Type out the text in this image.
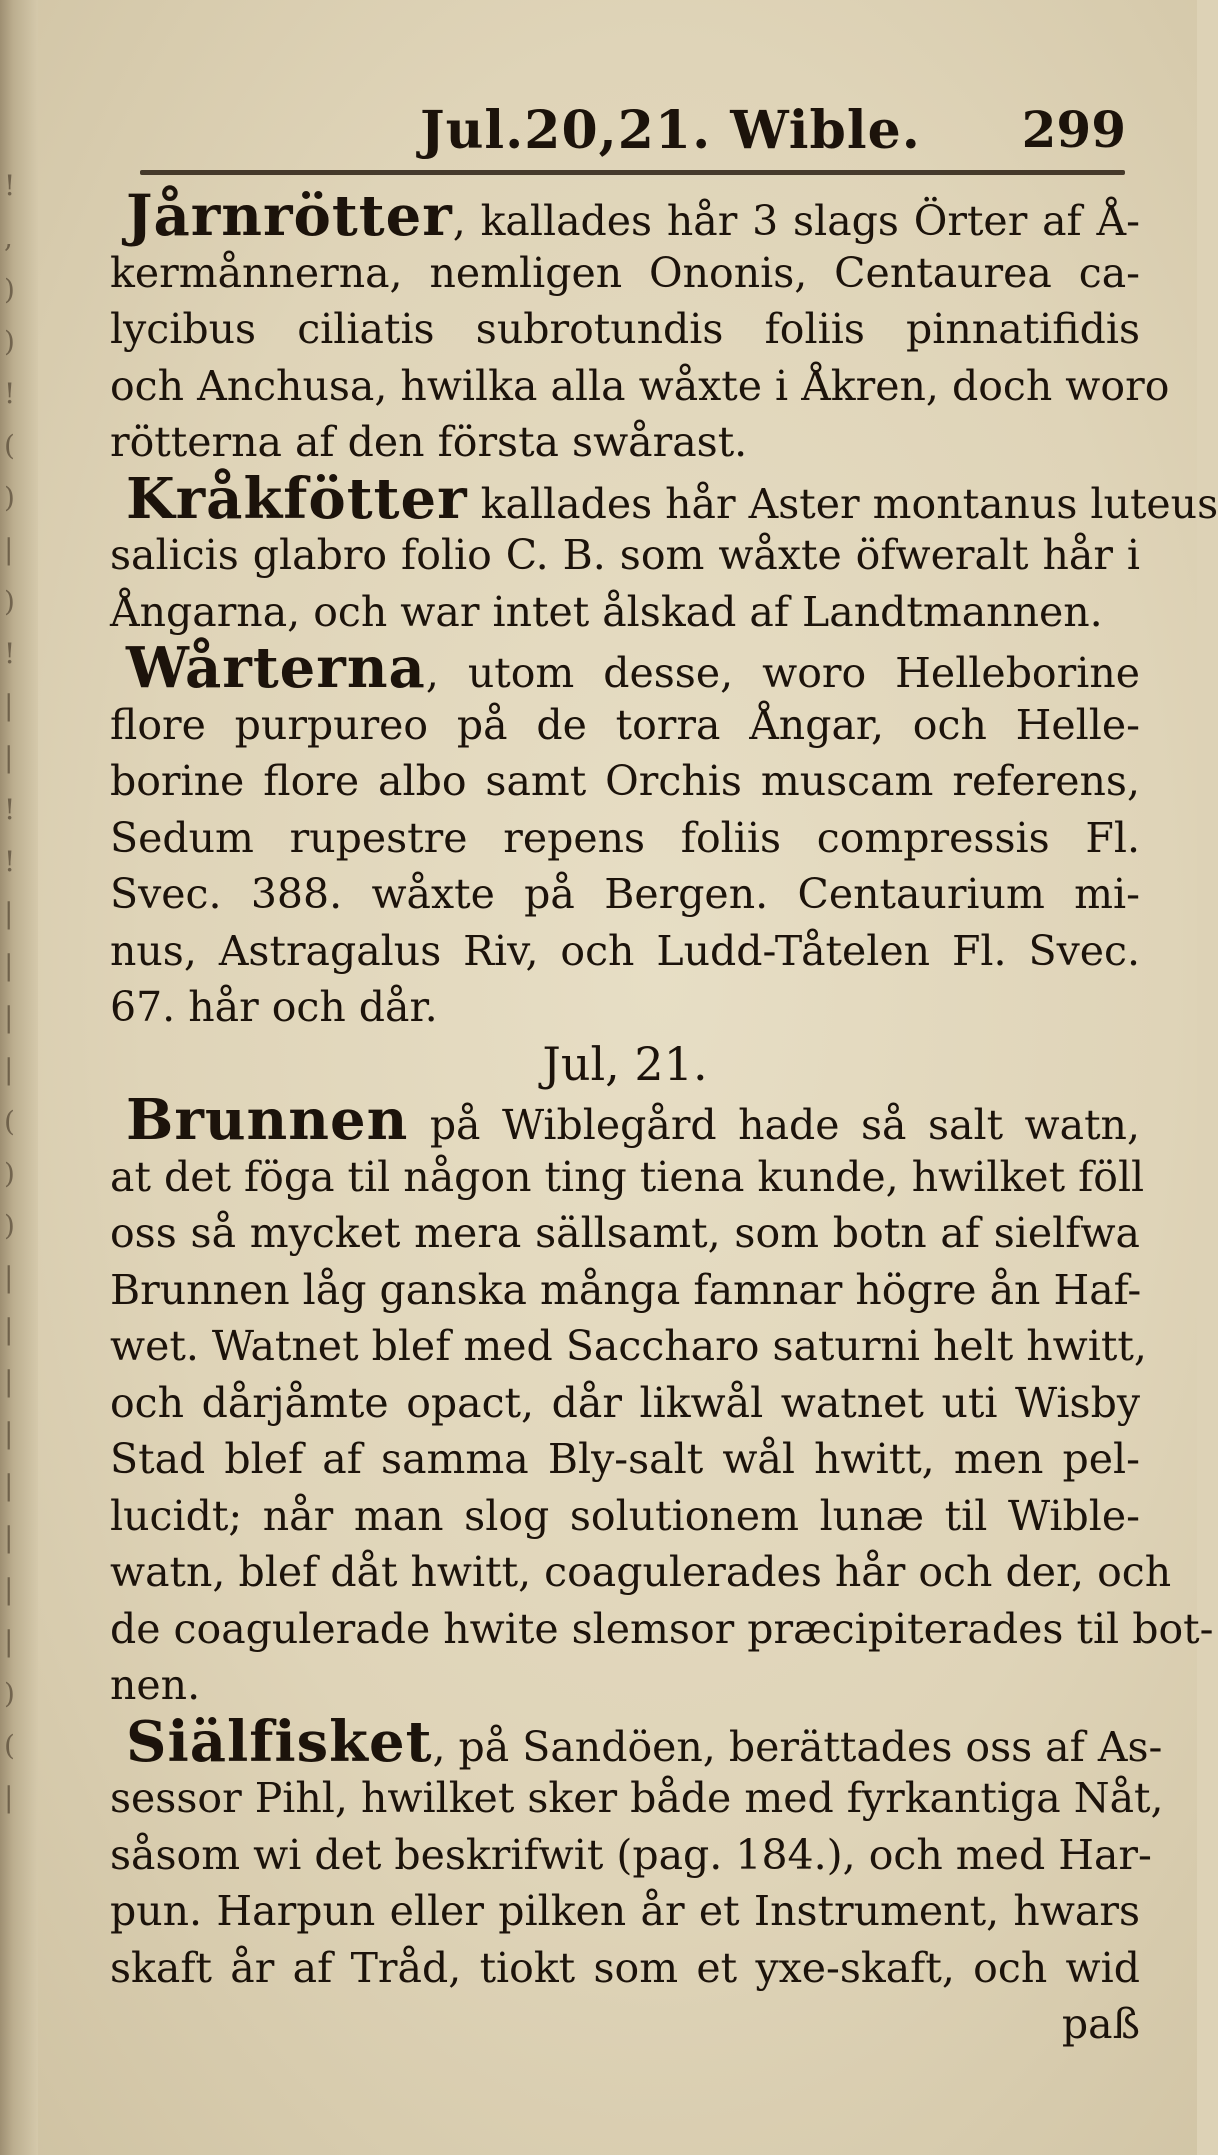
!
,
)
)
!
(
)
|
)
!
|
|
!
!
|
|
|
|
(
)
)
|
|
|
|
|
|
|
|
)
(
|
Jul.20,21. Wible. 299
Jårnrötter, kallades hår 3 slags Örter af Å-
kermånnerna, nemligen Ononis, Centaurea ca-
lycibus ciliatis subrotundis foliis pinnatifidis
och Anchusa, hwilka alla wåxte i Åkren, doch woro
rötterna af den första swårast.
Kråkfötter kallades hår Aster montanus luteus
salicis glabro folio C. B. som wåxte öfweralt hår i
Ångarna, och war intet ålskad af Landtmannen.
Wårterna, utom desse, woro Helleborine
flore purpureo på de torra Ångar, och Helle-
borine flore albo samt Orchis muscam referens,
Sedum rupestre repens foliis compressis Fl.
Svec. 388. wåxte på Bergen. Centaurium mi-
nus, Astragalus Riv, och Ludd-Tåtelen Fl. Svec.
67. hår och dår.
Jul, 21.
Brunnen på Wiblegård hade så salt watn,
at det föga til någon ting tiena kunde, hwilket föll
oss så mycket mera sällsamt, som botn af sielfwa
Brunnen låg ganska många famnar högre ån Haf-
wet. Watnet blef med Saccharo saturni helt hwitt,
och dårjåmte opact, dår likwål watnet uti Wisby
Stad blef af samma Bly-salt wål hwitt, men pel-
lucidt; når man slog solutionem lunæ til Wible-
watn, blef dåt hwitt, coagulerades hår och der, och
de coagulerade hwite slemsor præcipiterades til bot-
nen.
Siälfisket, på Sandöen, berättades oss af As-
sessor Pihl, hwilket sker både med fyrkantiga Nåt,
såsom wi det beskrifwit (pag. 184.), och med Har-
pun. Harpun eller pilken år et Instrument, hwars
skaft år af Tråd, tiokt som et yxe-skaft, och wid
paß
